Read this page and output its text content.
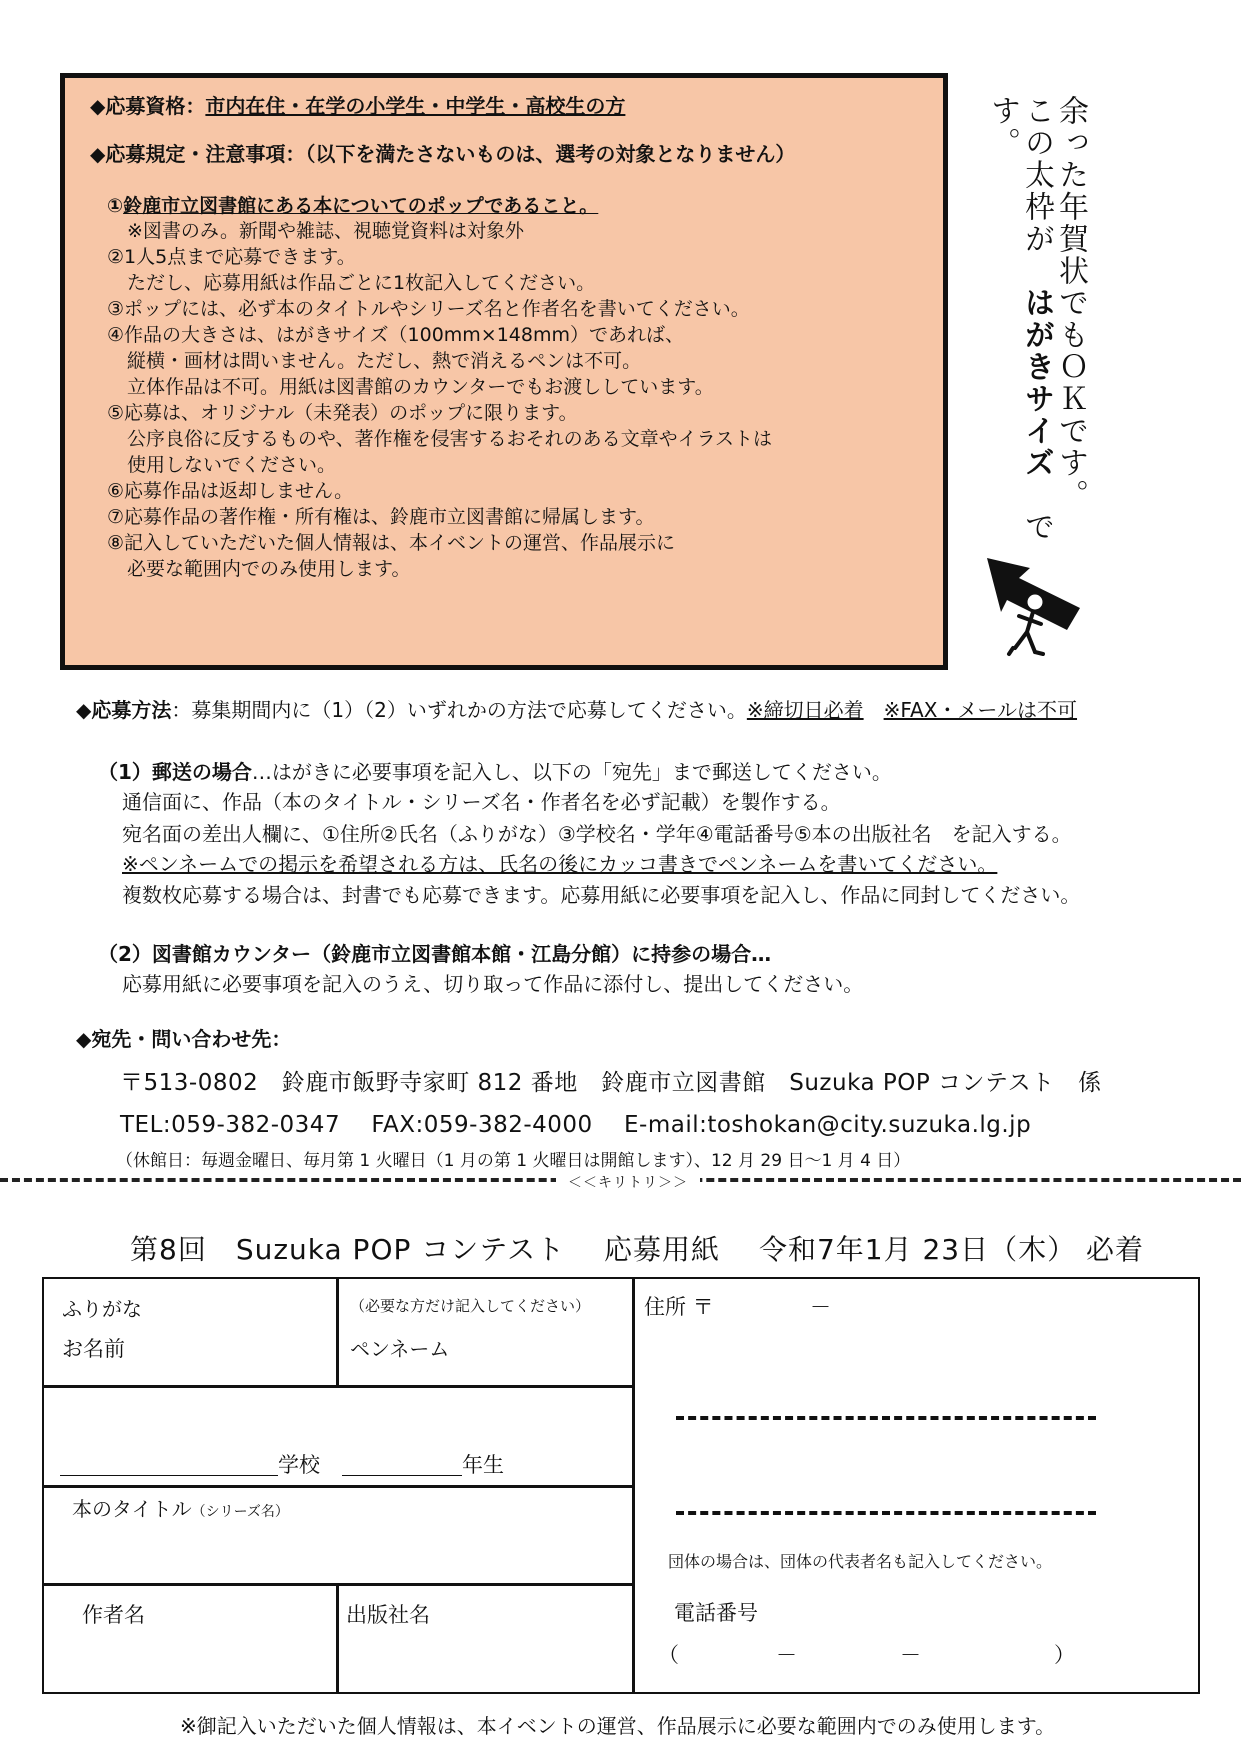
◆応募資格：市内在住・在学の小学生・中学生・高校生の方
◆応募規定・注意事項：（以下を満たさないものは、選考の対象となりません）
①鈴鹿市立図書館にある本についてのポップであること。
※図書のみ。新聞や雑誌、視聴覚資料は対象外
②1人5点まで応募できます。
ただし、応募用紙は作品ごとに1枚記入してください。
③ポップには、必ず本のタイトルやシリーズ名と作者名を書いてください。
④作品の大きさは、はがきサイズ（100mm×148mm）であれば、
縦横・画材は問いません。ただし、熱で消えるペンは不可。
立体作品は不可。用紙は図書館のカウンターでもお渡ししています。
⑤応募は、オリジナル（未発表）のポップに限ります。
公序良俗に反するものや、著作権を侵害するおそれのある文章やイラストは
使用しないでください。
⑥応募作品は返却しません。
⑦応募作品の著作権・所有権は、鈴鹿市立図書館に帰属します。
⑧記入していただいた個人情報は、本イベントの運営、作品展示に
必要な範囲内でのみ使用します。
余った年賀状でもＯＫです。
この太枠が　はがきサイズ　です。
◆応募方法：募集期間内に（1）（2）いずれかの方法で応募してください。※締切日必着　 ※FAX・メールは不可
（1）郵送の場合…はがきに必要事項を記入し、以下の「宛先」まで郵送してください。
通信面に、作品（本のタイトル・シリーズ名・作者名を必ず記載）を製作する。
宛名面の差出人欄に、①住所②氏名（ふりがな）③学校名・学年④電話番号⑤本の出版社名　を記入する。
※ペンネームでの掲示を希望される方は、氏名の後にカッコ書きでペンネームを書いてください。
複数枚応募する場合は、封書でも応募できます。応募用紙に必要事項を記入し、作品に同封してください。
（2）図書館カウンター（鈴鹿市立図書館本館・江島分館）に持参の場合…
応募用紙に必要事項を記入のうえ、切り取って作品に添付し、提出してください。
◆宛先・問い合わせ先：
〒513-0802　鈴鹿市飯野寺家町 812 番地　鈴鹿市立図書館　Suzuka POP コンテスト　係
TEL:059-382-0347　 FAX:059-382-4000　 E-mail:toshokan@city.suzuka.lg.jp
（休館日：毎週金曜日、毎月第 1 火曜日（1 月の第 1 火曜日は開館します）、12 月 29 日～1 月 4 日）
＜＜キリトリ＞＞
第8回　Suzuka POP コンテスト　 応募用紙　 令和7年1月 23日（木） 必着
ふりがな
お名前
（必要な方だけ記入してください）
ペンネーム
学校	年生
本のタイトル（シリーズ名）
作者名	出版社名
住所 〒	－
団体の場合は、団体の代表者名も記入してください。
電話番号
（	－	－	）
※御記入いただいた個人情報は、本イベントの運営、作品展示に必要な範囲内でのみ使用します。
